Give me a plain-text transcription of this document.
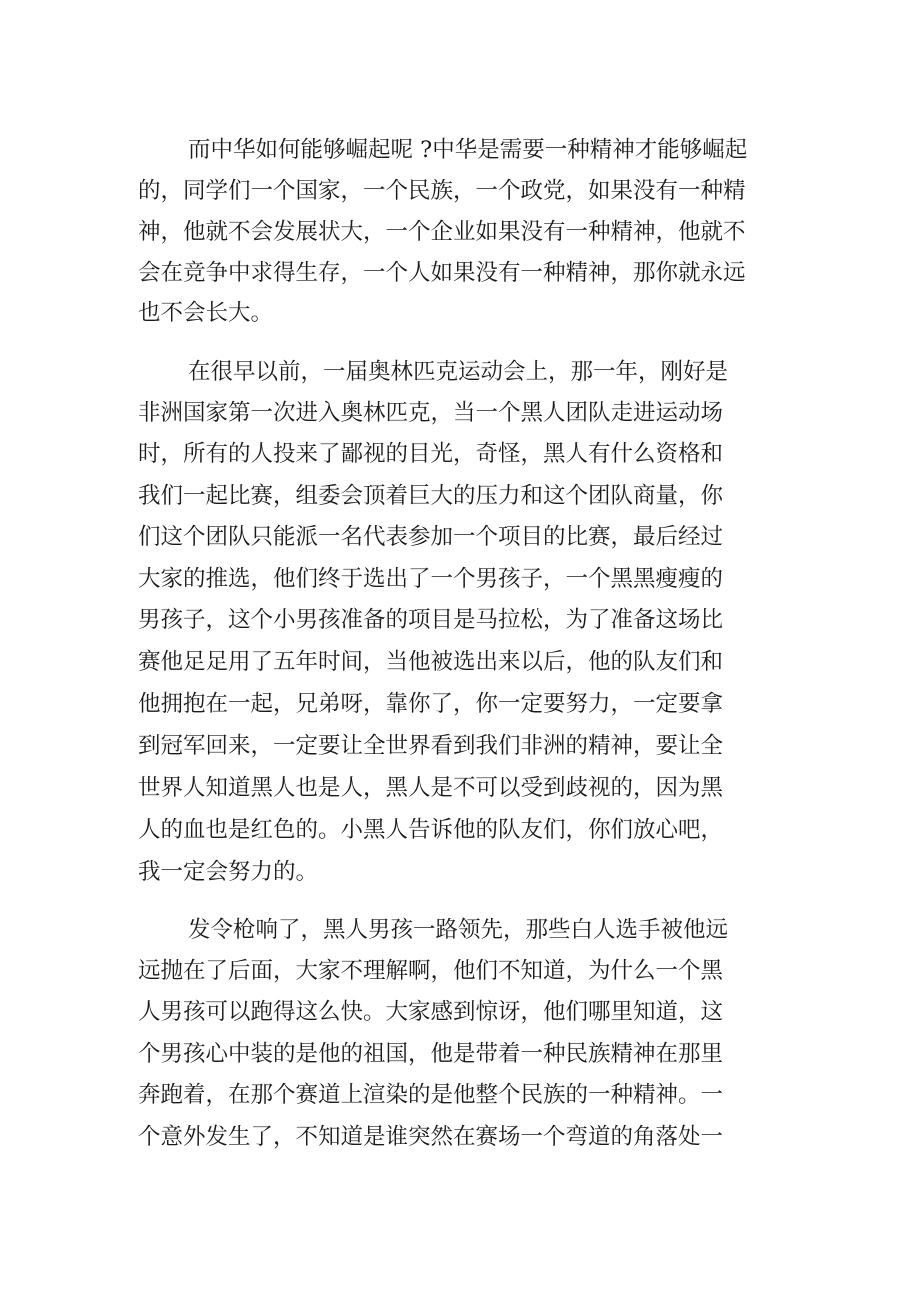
而中华如何能够崛起呢 ?中华是需要一种精神才能够崛起
的，同学们一个国家，一个民族，一个政党，如果没有一种精
神，他就不会发展状大，一个企业如果没有一种精神，他就不
会在竞争中求得生存，一个人如果没有一种精神，那你就永远
也不会长大。
在很早以前，一届奥林匹克运动会上，那一年，刚好是
非洲国家第一次进入奥林匹克，当一个黑人团队走进运动场
时，所有的人投来了鄙视的目光，奇怪，黑人有什么资格和
我们一起比赛，组委会顶着巨大的压力和这个团队商量，你
们这个团队只能派一名代表参加一个项目的比赛，最后经过
大家的推选，他们终于选出了一个男孩子，一个黑黑瘦瘦的
男孩子，这个小男孩准备的项目是马拉松，为了准备这场比
赛他足足用了五年时间，当他被选出来以后，他的队友们和
他拥抱在一起，兄弟呀，靠你了，你一定要努力，一定要拿
到冠军回来，一定要让全世界看到我们非洲的精神，要让全
世界人知道黑人也是人，黑人是不可以受到歧视的，因为黑
人的血也是红色的。小黑人告诉他的队友们，你们放心吧，
我一定会努力的。
发令枪响了，黑人男孩一路领先，那些白人选手被他远
远抛在了后面，大家不理解啊，他们不知道，为什么一个黑
人男孩可以跑得这么快。大家感到惊讶，他们哪里知道，这
个男孩心中装的是他的祖国，他是带着一种民族精神在那里
奔跑着，在那个赛道上渲染的是他整个民族的一种精神。一
个意外发生了，不知道是谁突然在赛场一个弯道的角落处一
